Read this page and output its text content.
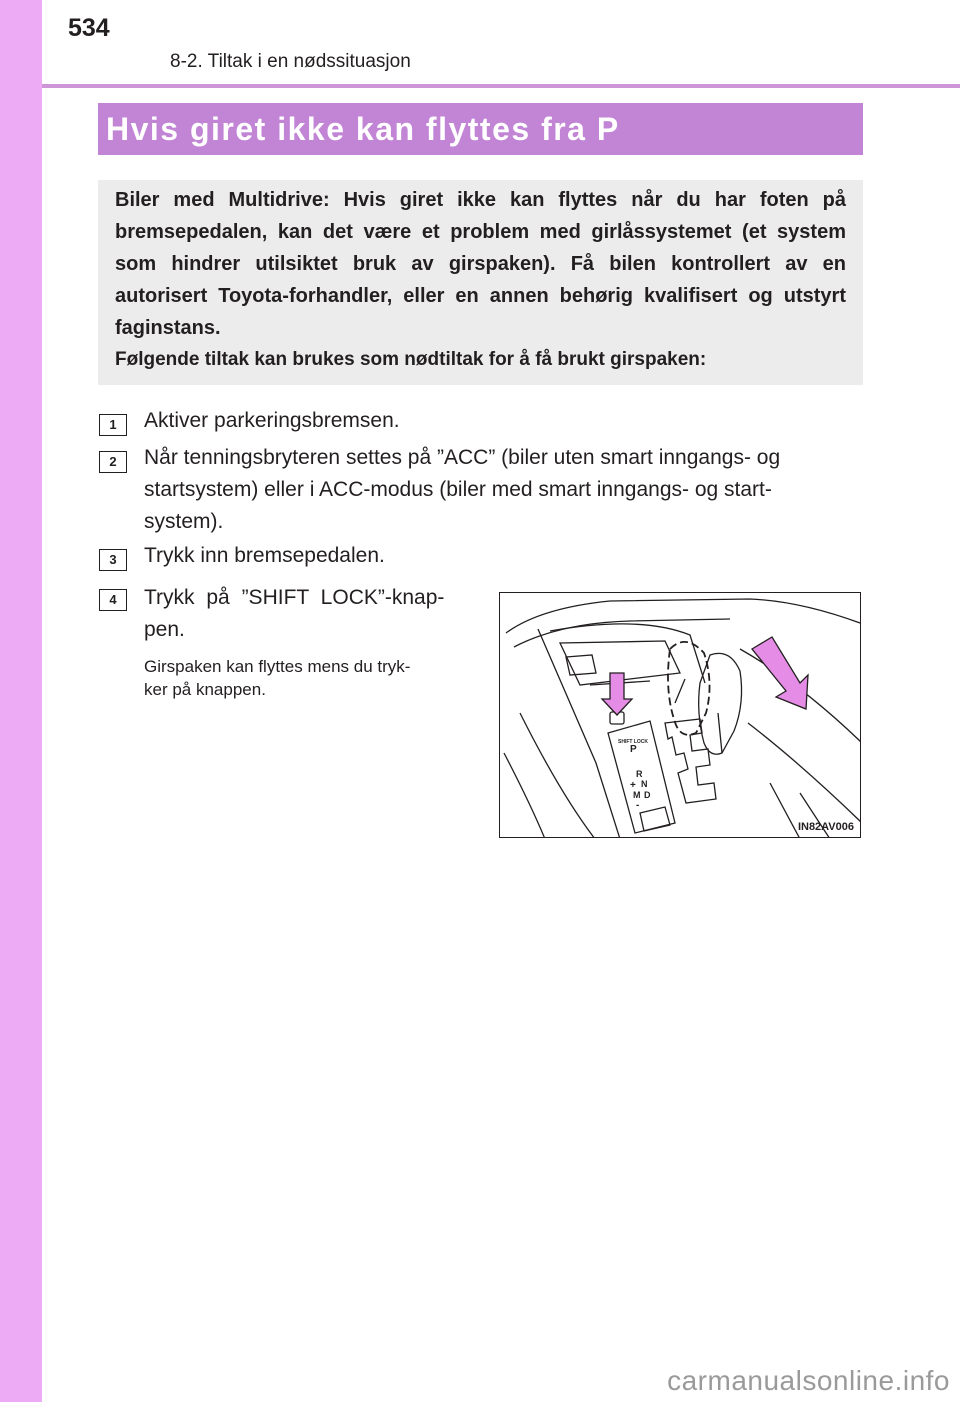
534
8-2. Tiltak i en nødssituasjon
Hvis giret ikke kan flyttes fra P

Biler med Multidrive: Hvis giret ikke kan flyttes når du har foten på bremsepedalen, kan det være et problem med girlåssystemet (et system som hindrer utilsiktet bruk av girspaken). Få bilen kontrollert av en autorisert Toyota-forhandler, eller en annen behørig kvalifisert og utstyrt faginstans.

Følgende tiltak kan brukes som nødtiltak for å få brukt girspaken:

1	Aktiver parkeringsbremsen.
2	Når tenningsbryteren settes på ”ACC” (biler uten smart inngangs- og
startsystem) eller i ACC-modus (biler med smart inngangs- og start-
system).
3	Trykk inn bremsepedalen.
4	Trykk på ”SHIFT LOCK”-knap-
pen.
Girspaken kan flyttes mens du tryk-
ker på knappen.
SHIFT LOCK
P
R
N
D
M
+
-
IN82AV006
carmanualsonline.info
